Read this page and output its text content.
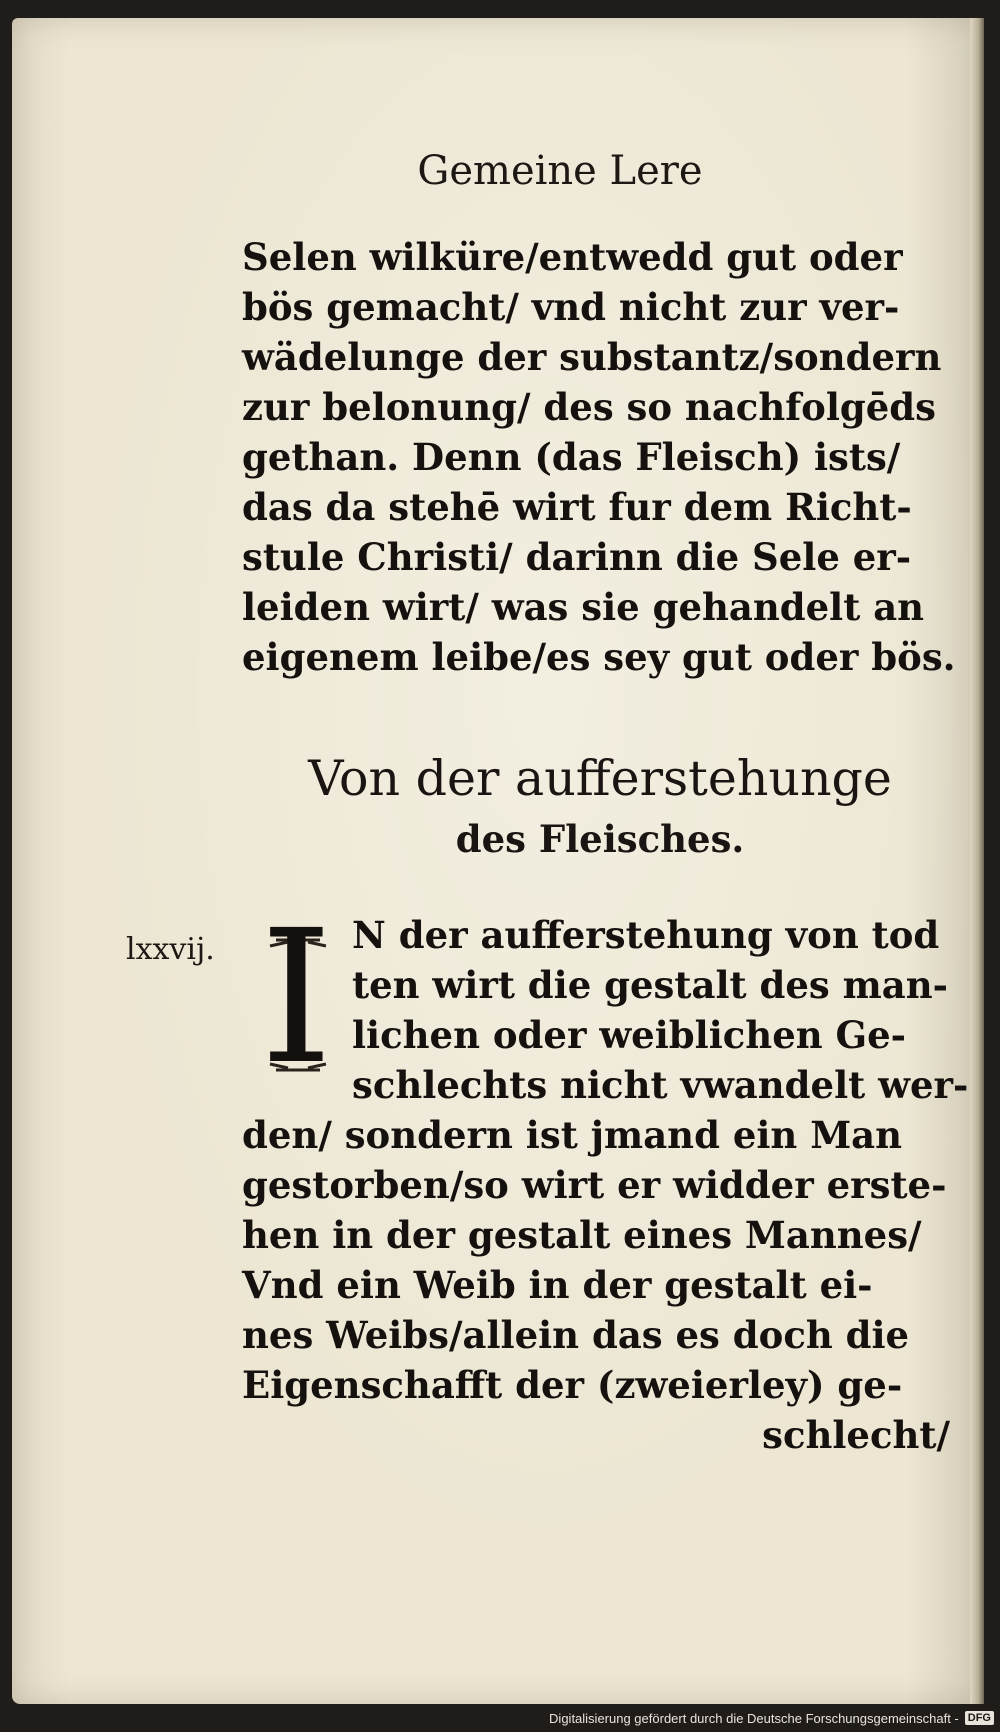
Gemeine Lere
Selen wilküre/entwedd gut oder
bös gemacht/ vnd nicht zur ver-
wädelunge der substantz/sondern
zur belonung/ des so nachfolgēds
gethan. Denn (das Fleisch) ists/
das da stehē wirt fur dem Richt-
stule Christi/ darinn die Sele er-
leiden wirt/ was sie gehandelt an
eigenem leibe/es sey gut oder bös.
Von der aufferstehunge
des Fleisches.
lxxvij. I N der aufferstehung von tod
ten wirt die gestalt des man-
lichen oder weiblichen Ge-
schlechts nicht vwandelt wer-
den/ sondern ist jmand ein Man
gestorben/so wirt er widder erste-
hen in der gestalt eines Mannes/
Vnd ein Weib in der gestalt ei-
nes Weibs/allein das es doch die
Eigenschafft der (zweierley) ge-
schlecht/
Digitalisierung gefördert durch die Deutsche Forschungsgemeinschaft - DFG
